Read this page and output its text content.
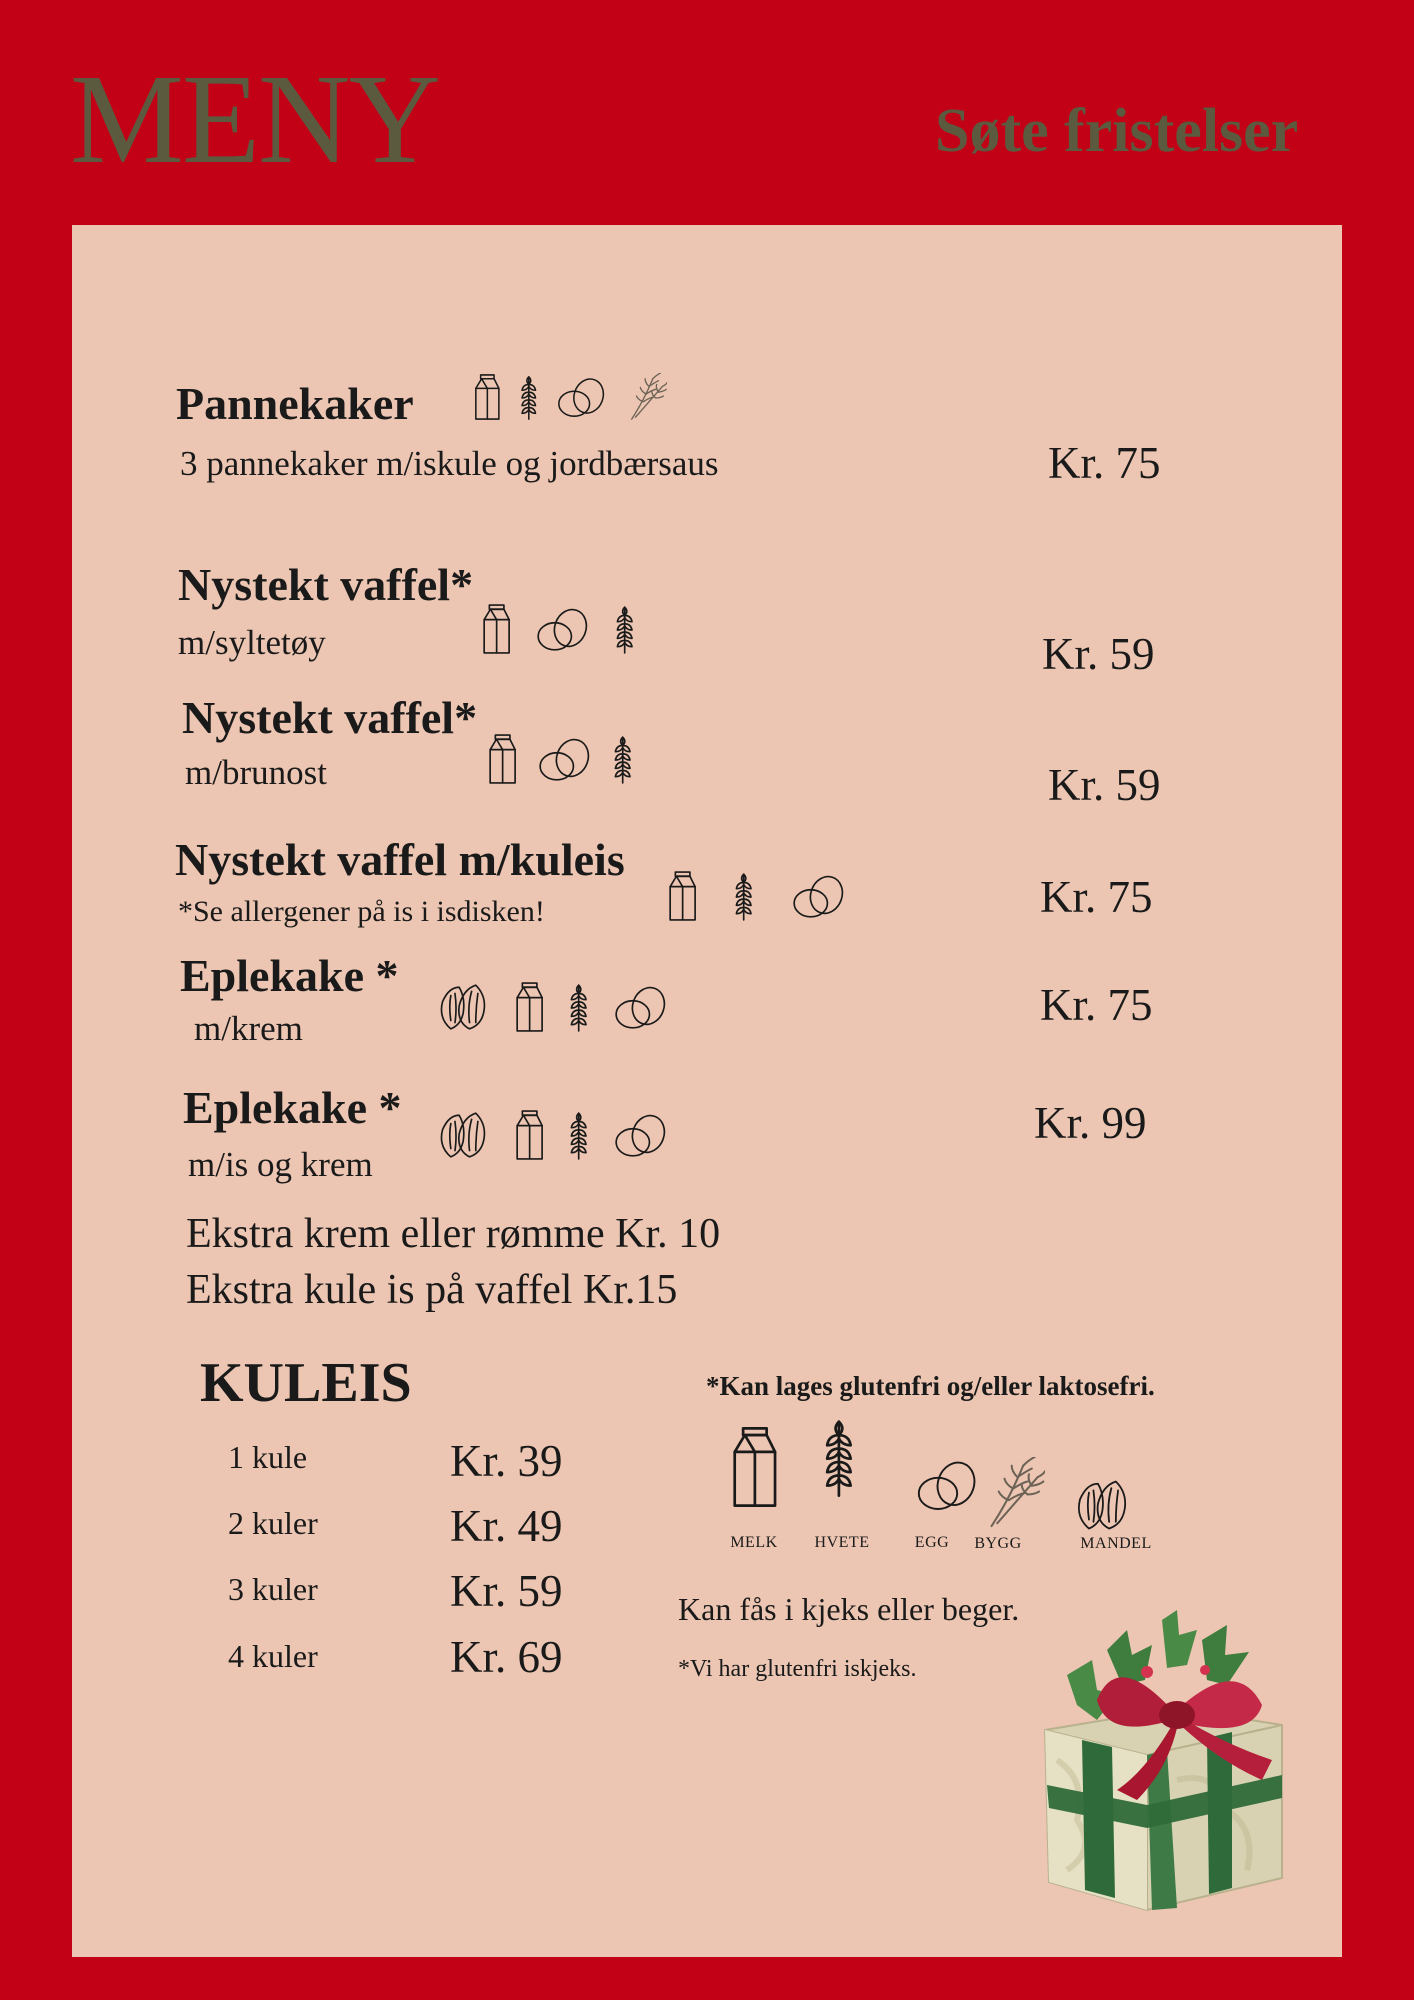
MENY	Søte fristelser
Pannekaker
3 pannekaker m/iskule og jordbærsaus	Kr. 75
Nystekt vaffel*
m/syltetøy	Kr. 59
Nystekt vaffel*
m/brunost	Kr. 59
Nystekt vaffel m/kuleis
*Se allergener på is i isdisken!	Kr. 75
Eplekake *
m/krem	Kr. 75
Eplekake *
m/is og krem
Kr. 99
Ekstra krem eller rømme Kr. 10
Ekstra kule is på vaffel Kr.15
KULEIS
1 kule	Kr. 39
2 kuler	Kr. 49
3 kuler	Kr. 59
4 kuler	Kr. 69
*Kan lages glutenfri og/eller laktosefri.
MELK	HVETE	EGG	BYGG	MANDEL
Kan fås i kjeks eller beger.
*Vi har glutenfri iskjeks.
